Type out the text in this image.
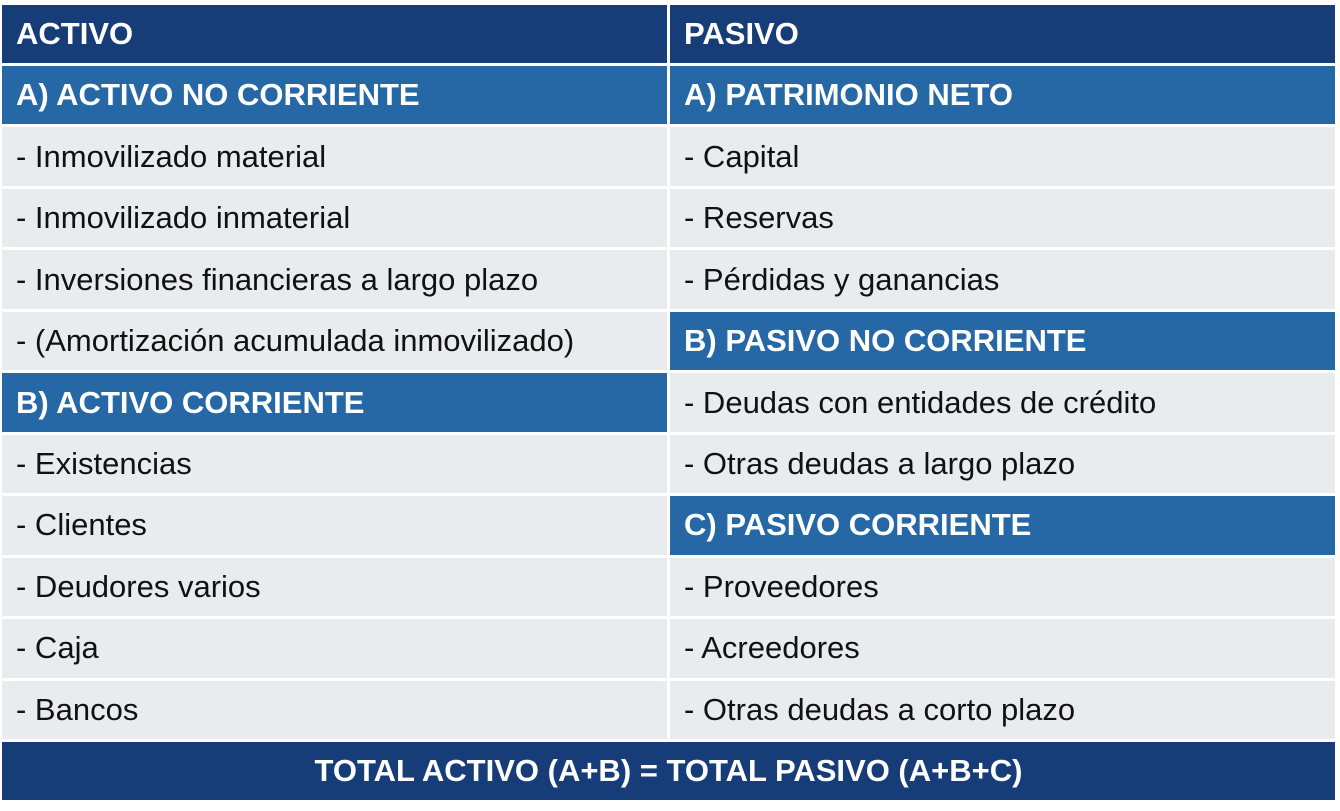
ACTIVO	PASIVO
A) ACTIVO NO CORRIENTE	A) PATRIMONIO NETO
- Inmovilizado material	- Capital
- Inmovilizado inmaterial	- Reservas
- Inversiones financieras a largo plazo	- Pérdidas y ganancias
- (Amortización acumulada inmovilizado)	B) PASIVO NO CORRIENTE
B) ACTIVO CORRIENTE	- Deudas con entidades de crédito
- Existencias	- Otras deudas a largo plazo
- Clientes	C) PASIVO CORRIENTE
- Deudores varios	- Proveedores
- Caja	- Acreedores
- Bancos	- Otras deudas a corto plazo
TOTAL ACTIVO (A+B) = TOTAL PASIVO (A+B+C)
